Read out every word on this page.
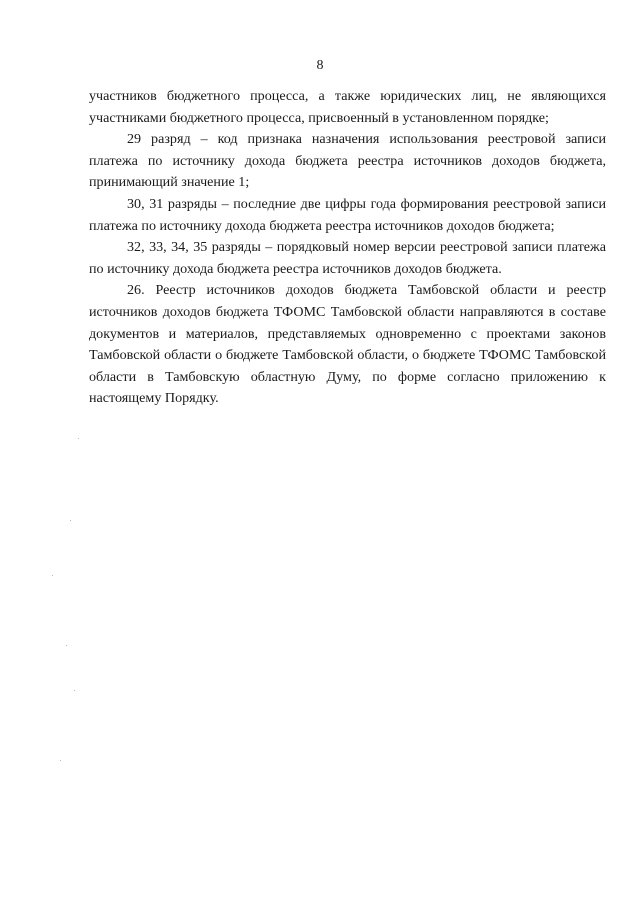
8

участников бюджетного процесса, а также юридических лиц, не являющихся участниками бюджетного процесса, присвоенный в установленном порядке;

29 разряд – код признака назначения использования реестровой записи платежа по источнику дохода бюджета реестра источников доходов бюджета, принимающий значение 1;

30, 31 разряды – последние две цифры года формирования реестровой записи платежа по источнику дохода бюджета реестра источников доходов бюджета;

32, 33, 34, 35 разряды – порядковый номер версии реестровой записи платежа по источнику дохода бюджета реестра источников доходов бюджета.

26. Реестр источников доходов бюджета Тамбовской области и реестр источников доходов бюджета ТФОМС Тамбовской области направляются в составе документов и материалов, представляемых одновременно с проектами законов Тамбовской области о бюджете Тамбовской области, о бюджете ТФОМС Тамбовской области в Тамбовскую областную Думу, по форме согласно приложению к настоящему Порядку.
